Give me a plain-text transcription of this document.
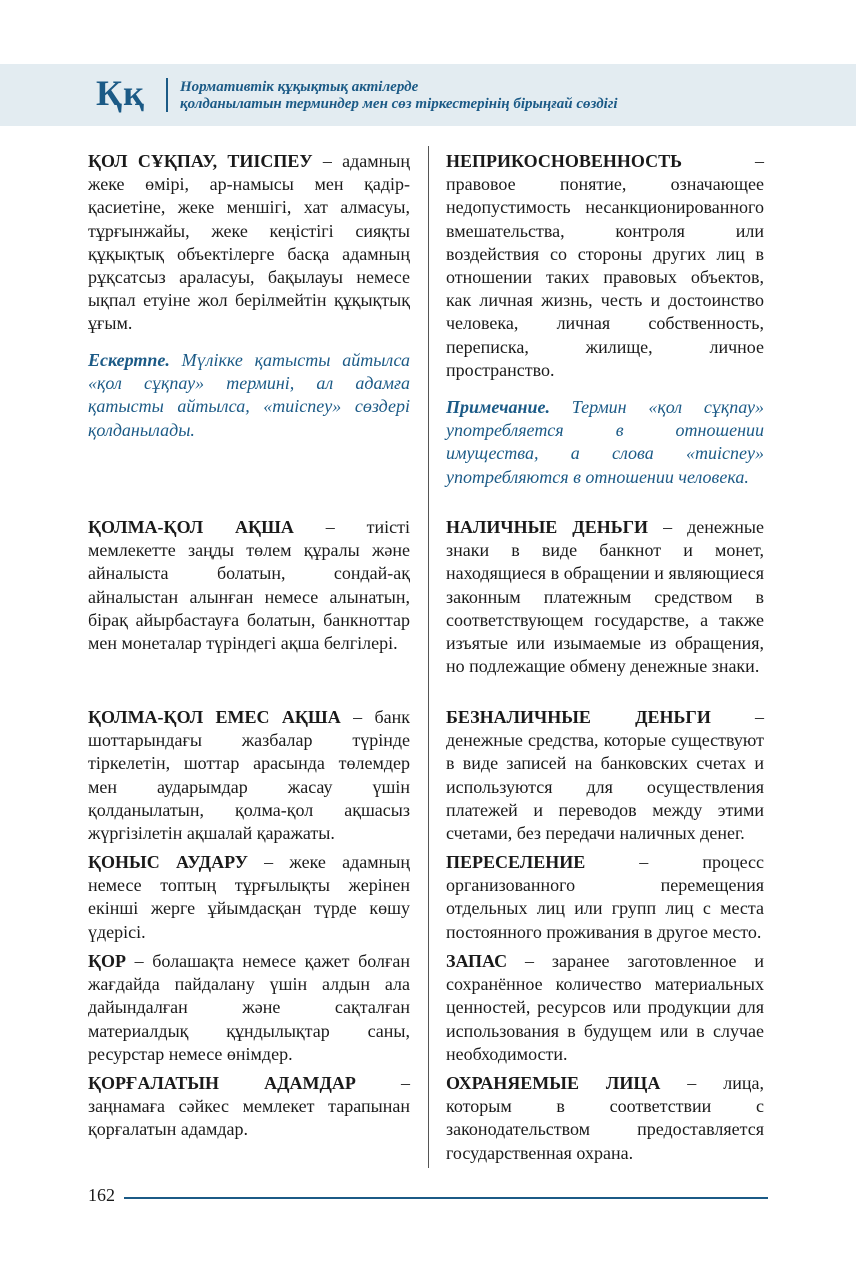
Ққ Нормативтік құқықтық актілерде
қолданылатын терминдер мен сөз тіркестерінің бірыңғай сөздігі
ҚОЛ СҰҚПАУ, ТИІСПЕУ – адамның жеке өмірі, ар-намысы мен қадір-қасиетіне, жеке меншігі, хат алмасуы, тұрғынжайы, жеке кеңістігі сияқты құқықтық объектілерге басқа адамның рұқсатсыз араласуы, бақылауы немесе ықпал етуіне жол берілмейтін құқықтық ұғым.
Ескертпе. Мүлікке қатысты айтылса «қол сұқпау» термині, ал адамға қатысты айтылса, «тиіспеу» сөздері қолданылады.
ҚОЛМА-ҚОЛ АҚША – тиісті мемлекетте заңды төлем құралы және айналыста болатын, сондай-ақ айналыстан алынған немесе алынатын, бірақ айырбастауға болатын, банкноттар мен монеталар түріндегі ақша белгілері.
ҚОЛМА-ҚОЛ ЕМЕС АҚША – банк шоттарындағы жазбалар түрінде тіркелетін, шоттар арасында төлемдер мен аударымдар жасау үшін қолданылатын, қолма-қол ақшасыз жүргізілетін ақшалай қаражаты.
ҚОНЫС АУДАРУ – жеке адамның немесе топтың тұрғылықты жерінен екінші жерге ұйымдасқан түрде көшу үдерісі.
ҚОР – болашақта немесе қажет болған жағдайда пайдалану үшін алдын ала дайындалған және сақталған материалдық құндылықтар саны, ресурстар немесе өнімдер.
ҚОРҒАЛАТЫН АДАМДАР – заңнамаға сәйкес мемлекет тарапынан қорғалатын адамдар.
НЕПРИКОСНОВЕННОСТЬ – правовое понятие, означающее недопустимость несанкционированного вмешательства, контроля или воздействия со стороны других лиц в отношении таких правовых объектов, как личная жизнь, честь и достоинство человека, личная собственность, переписка, жилище, личное пространство.
Примечание. Термин «қол сұқпау» употребляется в отношении имущества, а слова «тиіспеу» употребляются в отношении человека.
НАЛИЧНЫЕ ДЕНЬГИ – денежные знаки в виде банкнот и монет, находящиеся в обращении и являющиеся законным платежным средством в соответствующем государстве, а также изъятые или изымаемые из обращения, но подлежащие обмену денежные знаки.
БЕЗНАЛИЧНЫЕ ДЕНЬГИ – денежные средства, которые существуют в виде записей на банковских счетах и используются для осуществления платежей и переводов между этими счетами, без передачи наличных денег.
ПЕРЕСЕЛЕНИЕ – процесс организованного перемещения отдельных лиц или групп лиц с места постоянного проживания в другое место.
ЗАПАС – заранее заготовленное и сохранённое количество материальных ценностей, ресурсов или продукции для использования в будущем или в случае необходимости.
ОХРАНЯЕМЫЕ ЛИЦА – лица, которым в соответствии с законодательством предоставляется государственная охрана.
162
